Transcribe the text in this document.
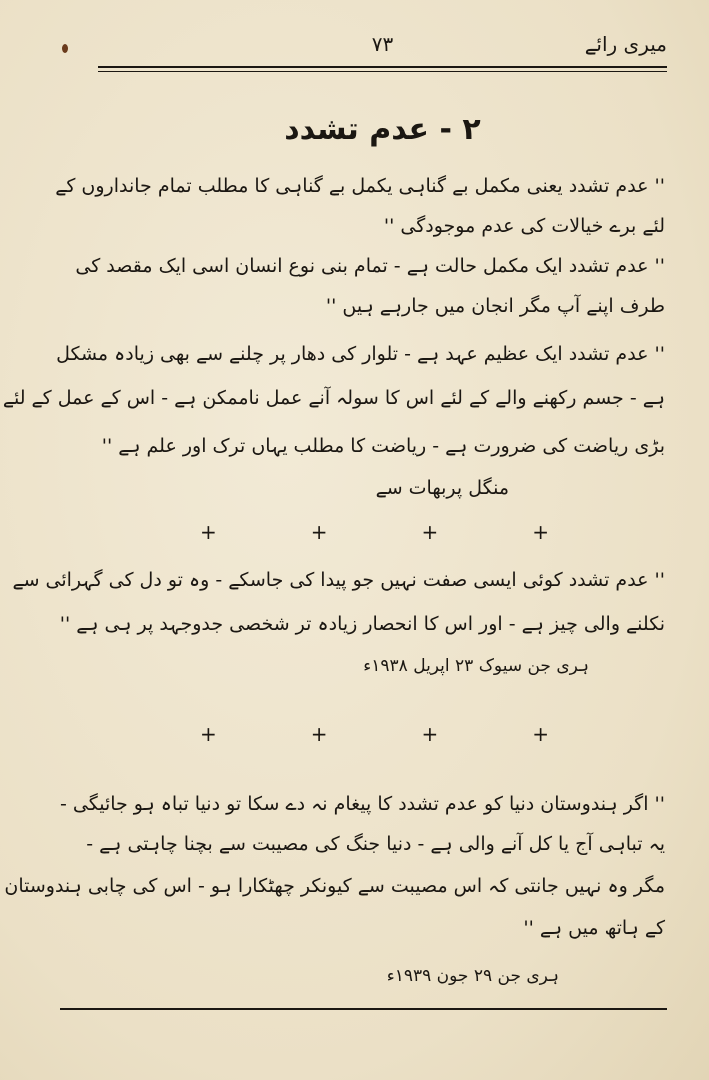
میری رائے
۷۳
۲ - عدم تشدد
'' عدم تشدد یعنی مکمل بے گناہی یکمل بے گناہی کا مطلب تمام جانداروں کے
لئے برے خیالات کی عدم موجودگی ''
'' عدم تشدد ایک مکمل حالت ہے - تمام بنی نوع انسان اسی ایک مقصد کی
طرف اپنے آپ مگر انجان میں جارہے ہیں ''
'' عدم تشدد ایک عظیم عہد ہے - تلوار کی دھار پر چلنے سے بھی زیادہ مشکل
ہے - جسم رکھنے والے کے لئے اس کا سولہ آنے عمل ناممکن ہے - اس کے عمل کے لئے
بڑی ریاضت کی ضرورت ہے - ریاضت کا مطلب یہاں ترک اور علم ہے ''
منگل پربھات سے
+	+	+	+
'' عدم تشدد کوئی ایسی صفت نہیں جو پیدا کی جاسکے - وہ تو دل کی گہرائی سے
نکلنے والی چیز ہے - اور اس کا انحصار زیادہ تر شخصی جدوجہد پر ہی ہے ''
ہری جن سیوک ۲۳ اپریل ۱۹۳۸ء
+	+	+	+
'' اگر ہندوستان دنیا کو عدم تشدد کا پیغام نہ دے سکا تو دنیا تباہ ہو جائیگی -
یہ تباہی آج یا کل آنے والی ہے - دنیا جنگ کی مصیبت سے بچنا چاہتی ہے -
مگر وہ نہیں جانتی کہ اس مصیبت سے کیونکر چھٹکارا ہو - اس کی چابی ہندوستان
کے ہاتھ میں ہے ''
ہری جن ۲۹ جون ۱۹۳۹ء
